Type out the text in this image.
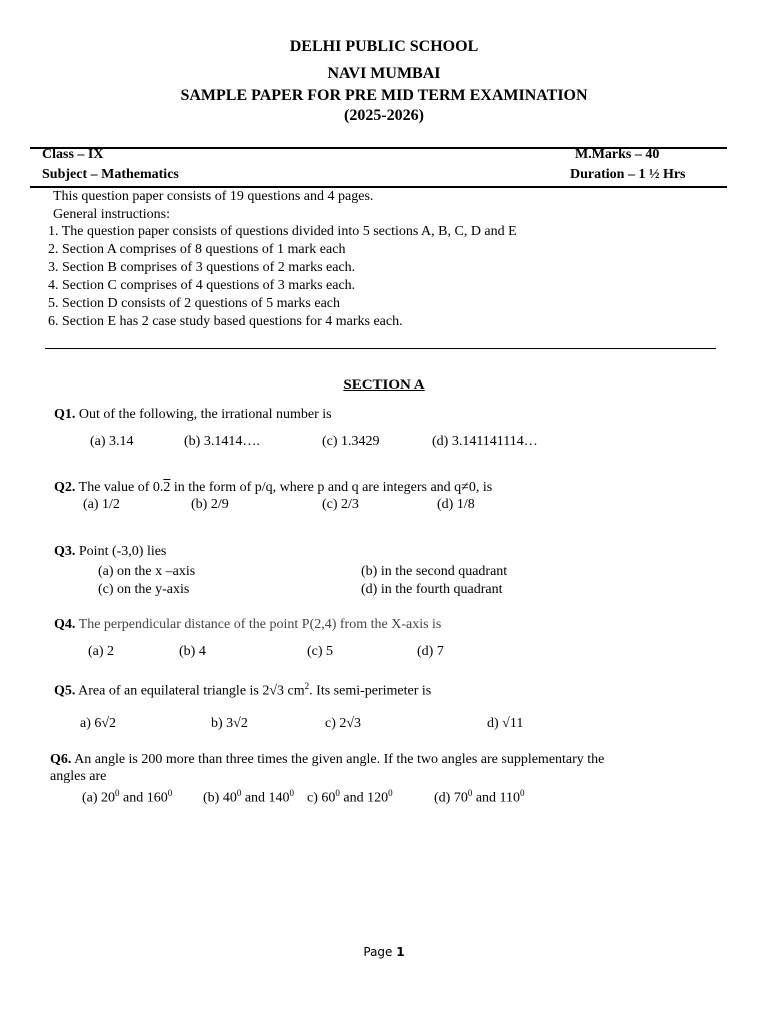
DELHI PUBLIC SCHOOL
NAVI MUMBAI
SAMPLE PAPER FOR PRE MID TERM EXAMINATION
(2025-2026)
Class – IX	M.Marks – 40
Subject – Mathematics	Duration – 1 ½ Hrs
This question paper consists of 19 questions and 4 pages.
General instructions:
1. The question paper consists of questions divided into 5 sections A, B, C, D and E
2. Section A comprises of 8 questions of 1 mark each
3. Section B comprises of 3 questions of 2 marks each.
4. Section C comprises of 4 questions of 3 marks each.
5. Section D consists of 2 questions of 5 marks each
6. Section E has 2 case study based questions for 4 marks each.
SECTION A
Q1. Out of the following, the irrational number is
(a) 3.14	(b) 3.1414….	(c) 1.3429	(d) 3.141141114…
Q2. The value of 0.2 in the form of p/q, where p and q are integers and q≠0, is
(a) 1/2	(b) 2/9	(c) 2/3	(d) 1/8
Q3. Point (-3,0) lies
(a) on the x –axis	(b) in the second quadrant
(c) on the y-axis	(d) in the fourth quadrant
Q4. The perpendicular distance of the point P(2,4) from the X-axis is
(a) 2	(b) 4	(c) 5	(d) 7
Q5. Area of an equilateral triangle is 2√3 $cm^2$. Its semi-perimeter is
a) 6√2	b) 3√2	c) 2√3	d) √11
Q6. An angle is 200 more than three times the given angle. If the two angles are supplementary the
angles are
(a) $20^0$ and $160^0$ (b) $40^0$ and $140^0$ c) $60^0$ and $120^0$	(d) $70^0$ and $110^0$
Page 1
